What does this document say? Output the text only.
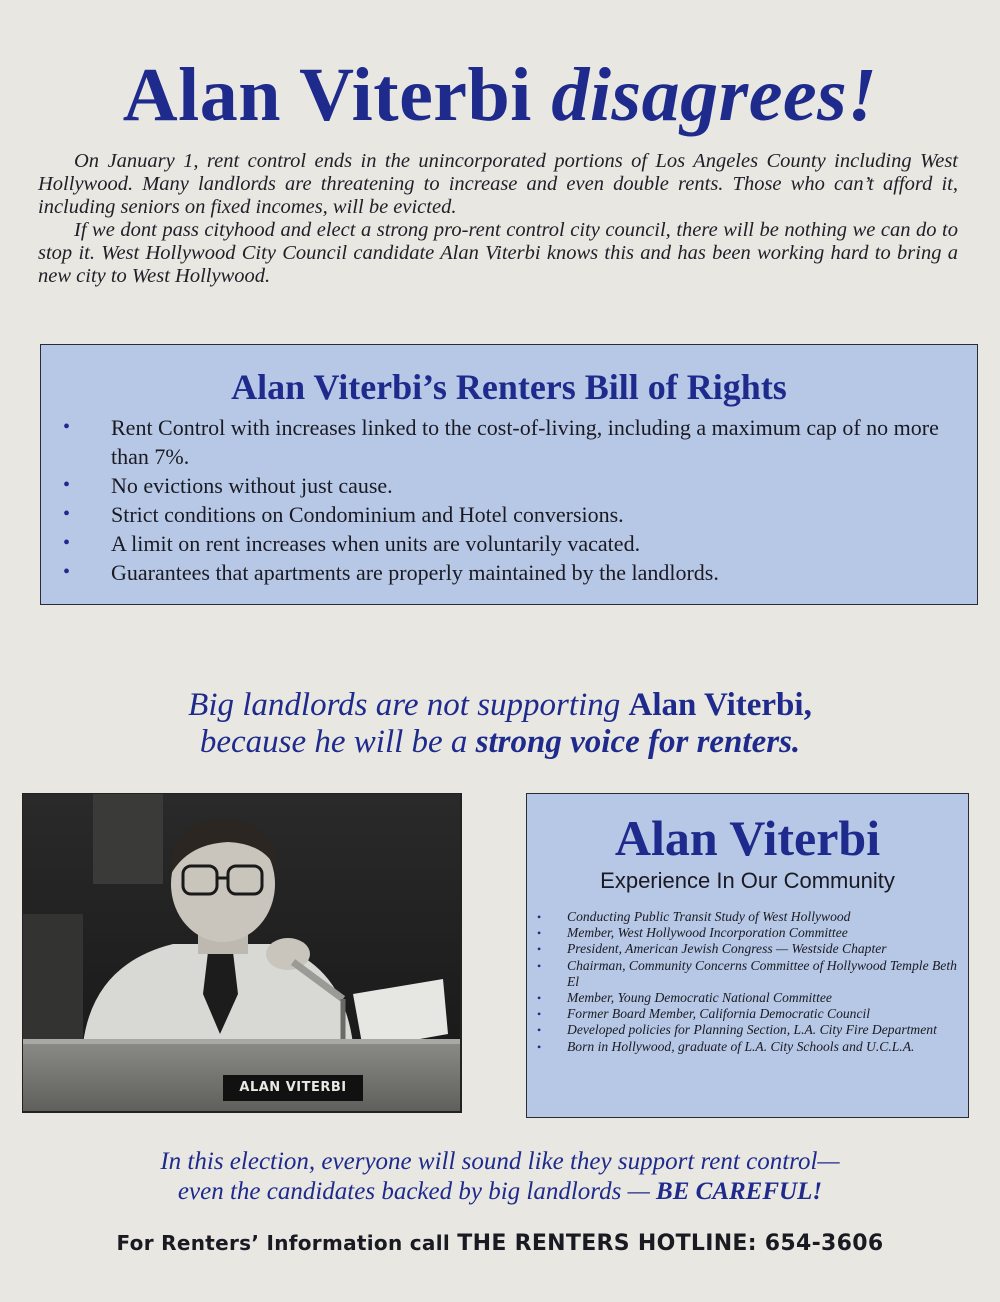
Alan Viterbi disagrees!

On January 1, rent control ends in the unincorporated portions of Los Angeles County including West Hollywood. Many landlords are threatening to increase and even double rents. Those who can’t afford it, including seniors on fixed incomes, will be evicted.

If we dont pass cityhood and elect a strong pro-rent control city council, there will be nothing we can do to stop it. West Hollywood City Council candidate Alan Viterbi knows this and has been working hard to bring a new city to West Hollywood.

Alan Viterbi’s Renters Bill of Rights
• Rent Control with increases linked to the cost-of-living, including a maximum cap of no more than 7%.
• No evictions without just cause.
• Strict conditions on Condominium and Hotel conversions.
• A limit on rent increases when units are voluntarily vacated.
• Guarantees that apartments are properly maintained by the landlords.
Big landlords are not supporting Alan Viterbi,
because he will be a strong voice for renters.
ALAN VITERBI
Alan Viterbi
Experience In Our Community
• Conducting Public Transit Study of West Hollywood
• Member, West Hollywood Incorporation Committee
• President, American Jewish Congress — Westside Chapter
• Chairman, Community Concerns Committee of Hollywood Temple Beth El
• Member, Young Democratic National Committee
• Former Board Member, California Democratic Council
• Developed policies for Planning Section, L.A. City Fire Department
• Born in Hollywood, graduate of L.A. City Schools and U.C.L.A.
In this election, everyone will sound like they support rent control—
even the candidates backed by big landlords — BE CAREFUL!
For Renters’ Information call THE RENTERS HOTLINE: 654-3606
